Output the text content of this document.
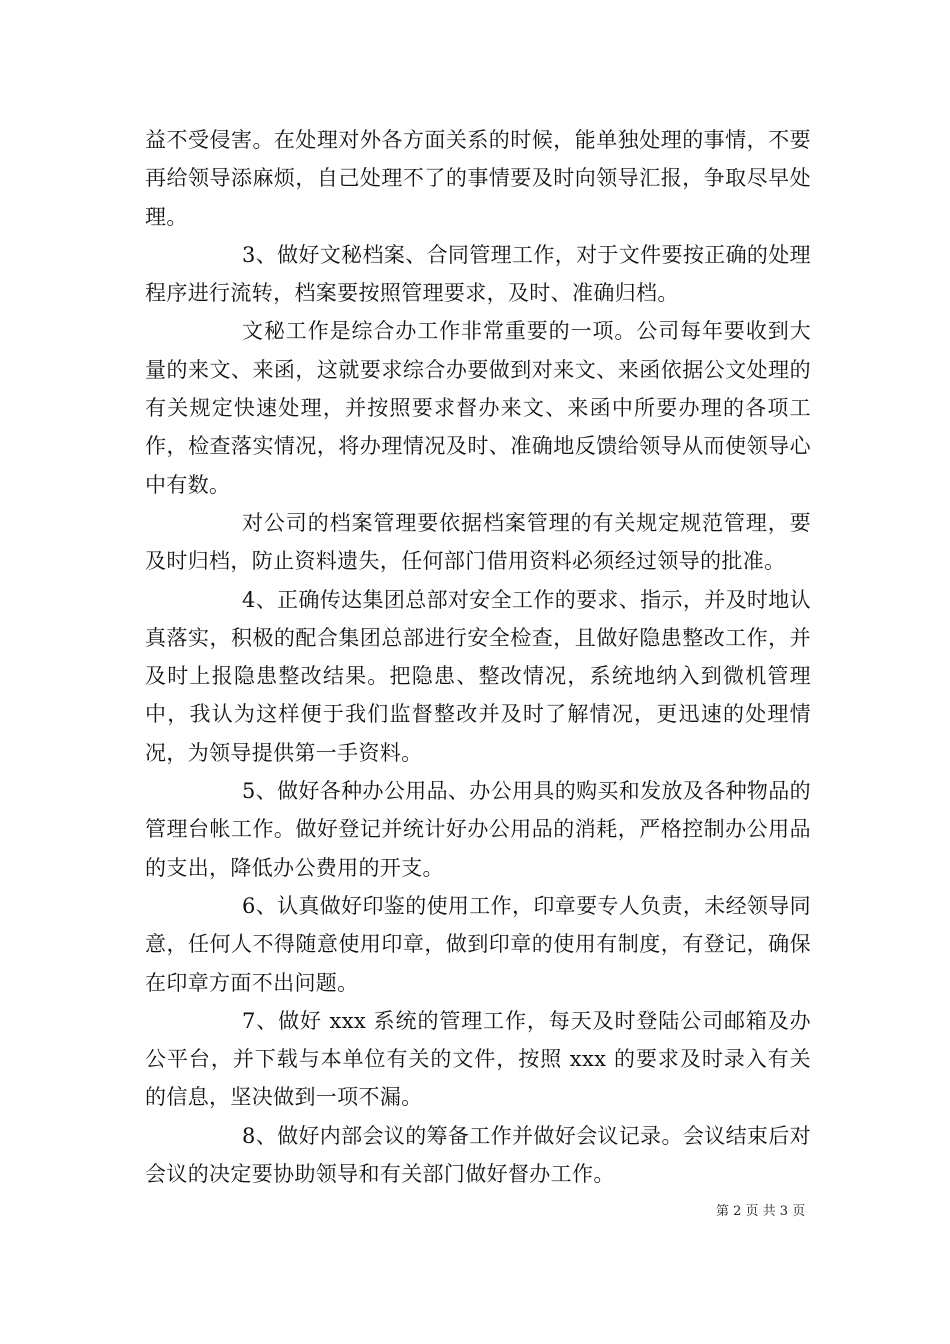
益不受侵害。在处理对外各方面关系的时候，能单独处理的事情，不要再给领导添麻烦，自己处理不了的事情要及时向领导汇报，争取尽早处理。

3、做好文秘档案、合同管理工作，对于文件要按正确的处理程序进行流转，档案要按照管理要求，及时、准确归档。

文秘工作是综合办工作非常重要的一项。公司每年要收到大量的来文、来函，这就要求综合办要做到对来文、来函依据公文处理的有关规定快速处理，并按照要求督办来文、来函中所要办理的各项工作，检查落实情况，将办理情况及时、准确地反馈给领导从而使领导心中有数。

对公司的档案管理要依据档案管理的有关规定规范管理，要及时归档，防止资料遗失，任何部门借用资料必须经过领导的批准。

4、正确传达集团总部对安全工作的要求、指示，并及时地认真落实，积极的配合集团总部进行安全检查，且做好隐患整改工作，并及时上报隐患整改结果。把隐患、整改情况，系统地纳入到微机管理中，我认为这样便于我们监督整改并及时了解情况，更迅速的处理情况，为领导提供第一手资料。

5、做好各种办公用品、办公用具的购买和发放及各种物品的管理台帐工作。做好登记并统计好办公用品的消耗，严格控制办公用品的支出，降低办公费用的开支。

6、认真做好印鉴的使用工作，印章要专人负责，未经领导同意，任何人不得随意使用印章，做到印章的使用有制度，有登记，确保在印章方面不出问题。

7、做好 xxx 系统的管理工作，每天及时登陆公司邮箱及办公平台，并下载与本单位有关的文件，按照 xxx 的要求及时录入有关的信息，坚决做到一项不漏。

8、做好内部会议的筹备工作并做好会议记录。会议结束后对会议的决定要协助领导和有关部门做好督办工作。

第 2 页 共 3 页
